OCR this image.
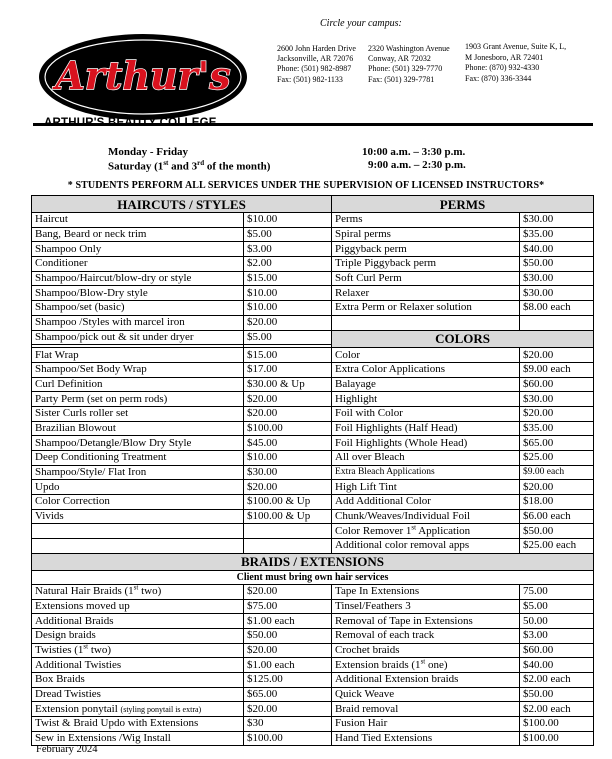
Arthur's
ARTHUR'S BEAUTY COLLEGE
Circle your campus:
2600 John Harden Drive
Jacksonville, AR 72076
Phone: (501) 982-8987
Fax: (501) 982-1133
2320 Washington Avenue
Conway, AR 72032
Phone: (501) 329-7770
Fax: (501) 329-7781
1903 Grant Avenue, Suite K, L,
M Jonesboro, AR 72401
Phone: (870) 932-4330
Fax: (870) 336-3344
Monday - Friday
Saturday (1st and 3rd of the month)
10:00 a.m. – 3:30 p.m.
9:00 a.m. – 2:30 p.m.
* STUDENTS PERFORM ALL SERVICES UNDER THE SUPERVISION OF LICENSED INSTRUCTORS*
HAIRCUTS / STYLES		PERMS	
Haircut	$10.00	Perms	$30.00
Bang, Beard or neck trim	$5.00	Spiral perms	$35.00
Shampoo Only	$3.00	Piggyback perm	$40.00
Conditioner	$2.00	Triple Piggyback perm	$50.00
Shampoo/Haircut/blow-dry or style	$15.00	Soft Curl Perm	$30.00
Shampoo/Blow-Dry style	$10.00	Relaxer	$30.00
Shampoo/set (basic)	$10.00	Extra Perm or Relaxer solution	$8.00 each
Shampoo /Styles with marcel iron	$20.00		
Shampoo/pick out & sit under dryer	$5.00	COLORS	

Flat Wrap	$15.00	Color	$20.00
Shampoo/Set Body Wrap	$17.00	Extra Color Applications	$9.00 each
Curl Definition	$30.00 & Up	Balayage	$60.00
Party Perm (set on perm rods)	$20.00	Highlight	$30.00
Sister Curls roller set	$20.00	Foil with Color	$20.00
Brazilian Blowout	$100.00	Foil Highlights (Half Head)	$35.00
Shampoo/Detangle/Blow Dry Style	$45.00	Foil Highlights (Whole Head)	$65.00
Deep Conditioning Treatment	$10.00	All over Bleach	$25.00
Shampoo/Style/ Flat Iron	$30.00	Extra Bleach Applications	$9.00 each
Updo	$20.00	High Lift Tint	$20.00
Color Correction	$100.00 & Up	Add Additional Color	$18.00
Vivids	$100.00 & Up	Chunk/Weaves/Individual Foil	$6.00 each
		Color Remover 1st Application	$50.00
		Additional color removal apps	$25.00 each
BRAIDS / EXTENSIONS			
Client must bring own hair services			
Natural Hair Braids (1st two)	$20.00	Tape In Extensions	75.00
Extensions moved up	$75.00	Tinsel/Feathers 3	$5.00
Additional Braids	$1.00 each	Removal of Tape in Extensions	50.00
Design braids	$50.00	Removal of each track	$3.00
Twisties (1st two)	$20.00	Crochet braids	$60.00
Additional Twisties	$1.00 each	Extension braids (1st one)	$40.00
Box Braids	$125.00	Additional Extension braids	$2.00 each
Dread Twisties	$65.00	Quick Weave	$50.00
Extension ponytail (styling ponytail is extra)	$20.00	Braid removal	$2.00 each
Twist & Braid Updo with Extensions	$30	Fusion Hair	$100.00
Sew in Extensions /Wig Install	$100.00	Hand Tied Extensions	$100.00
February 2024
